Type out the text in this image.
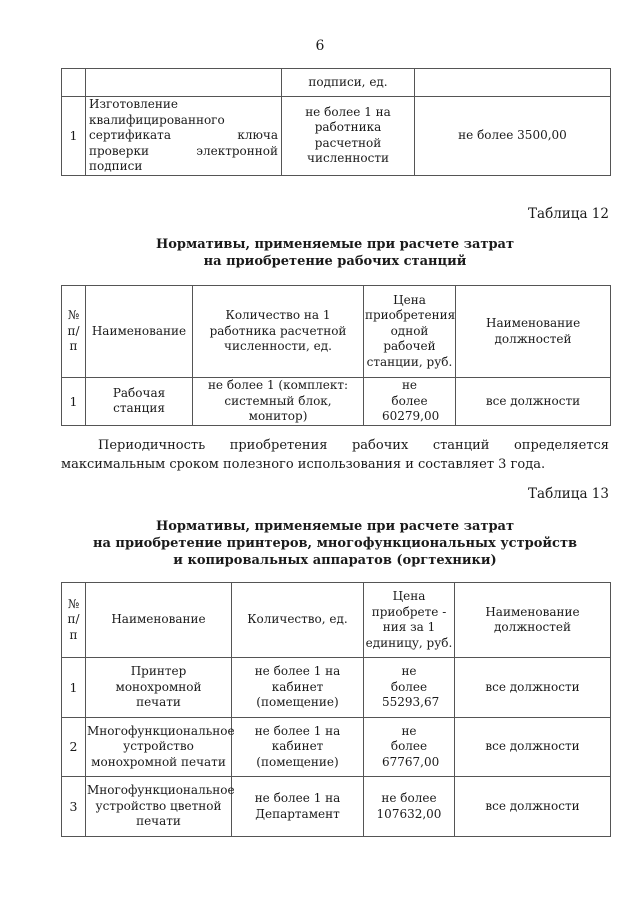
6
		подписи, ед.	
1	Изготовление квалифицированного сертификата ключа проверки электронной подписи	не более 1 на работника расчетной численности	не более 3500,00
Таблица 12
Нормативы, применяемые при расчете затрат
на приобретение рабочих станций
№ п/ п	Наименование	Количество на 1 работника расчетной численности, ед.	Цена приобретения одной рабочей станции, руб.	Наименование должностей
1	Рабочая станция	не более 1 (комплект: системный блок, монитор)	не более 60279,00	все должности
Периодичность приобретения рабочих станций определяется максимальным сроком полезного использования и составляет 3 года.
Таблица 13
Нормативы, применяемые при расчете затрат
на приобретение принтеров, многофункциональных устройств
и копировальных аппаратов (оргтехники)
№ п/ п	Наименование	Количество, ед.	Цена приобрете - ния за 1 единицу, руб.	Наименование должностей
1	Принтер монохромной печати	не более 1 на кабинет (помещение)	не более 55293,67	все должности
2	Многофункциональное устройство монохромной печати	не более 1 на кабинет (помещение)	не более 67767,00	все должности
3	Многофункциональное устройство цветной печати	не более 1 на Департамент	не более 107632,00	все должности
